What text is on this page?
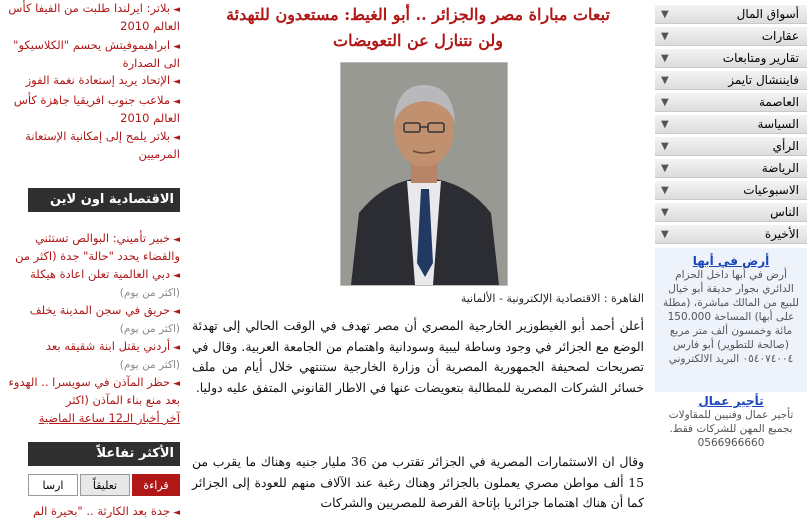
◄بلاتر: ايرلندا طلبت من الفيفا كأس العالم 2010
◄ابراهيموفيتش يحسم "الكلاسيكو" الى الصدارة
◄الإتحاد يريد إستعادة نغمة الفوز
◄ملاعب جنوب افريقيا جاهزة كأس العالم 2010
◄بلاتر يلمح إلى إمكانية الإستعانة المرميين
الاقتصادية اون لاين
◄خبير تأميني: البوالص تستثني والقضاء يحدد "حالة" جدة (اكثر من
◄دبي العالمية تعلن اعادة هيكلة
(اكثر من يوم)
◄حريق في سجن المدينة يخلف
(اكثر من يوم)
◄أردني يقتل ابنة شقيقه بعد
(اكثر من يوم)
◄حظر المآذن في سويسرا .. الهدوء بعد منع بناء المآذن (اكثر
آخر أخبار الـ12 ساعة الماضية
الأكثر تفاعلاً
قراءة
تعليقاً
ارسا
◄جدة بعد الكارثة .. "بحيرة الم
تبعات مباراة مصر والجزائر .. أبو الغيط: مستعدون للتهدئة
ولن نتنازل عن التعويضات
القاهرة : الاقتصادية الإلكترونية - الألمانية
أعلن أحمد أبو الغيطوزير الخارجية المصري أن مصر تهدف في الوقت الحالي إلى تهدئة الوضع مع الجزائر في وجود وساطة ليبية وسودانية واهتمام من الجامعة العربية. وقال في تصريحات لصحيفة الجمهورية المصرية أن وزارة الخارجية ستنتهي خلال أيام من ملف خسائر الشركات المصرية للمطالبة بتعويضات عنها في الاطار القانوني المتفق عليه دوليا.
وقال ان الاستثمارات المصرية في الجزائر تقترب من 36 مليار جنيه وهناك ما يقرب من 15 ألف مواطن مصري يعملون بالجزائر وهناك رغبة عند الآلاف منهم للعودة إلى الجزائر كما أن هناك اهتماما جزائريا بإتاحة الفرصة للمصريين والشركات
أسواق المال
▼
عقارات
▼
تقارير ومتابعات
▼
فايننشال تايمز
▼
العاصمة
▼
السياسة
▼
الرأي
▼
الرياضة
▼
الاسبوعيات
▼
الناس
▼
الأخيرة
▼
أرض في أبها
أرض في أبها داخل الحزام الدائري بجوار حديقة أبو خيال للبيع من المالك مباشرة، (مطلة على أبها) المساحة 150.000 مائة وخمسون ألف متر مربع (صالحة للتطوير) أبو فارس ٠٥٤٠٧٤٠٠٤ البريد الالكتروني
تأجير عمال
تأجير عمال وفنيين للمقاولات بجميع المهن للشركات فقط. 0566966660
